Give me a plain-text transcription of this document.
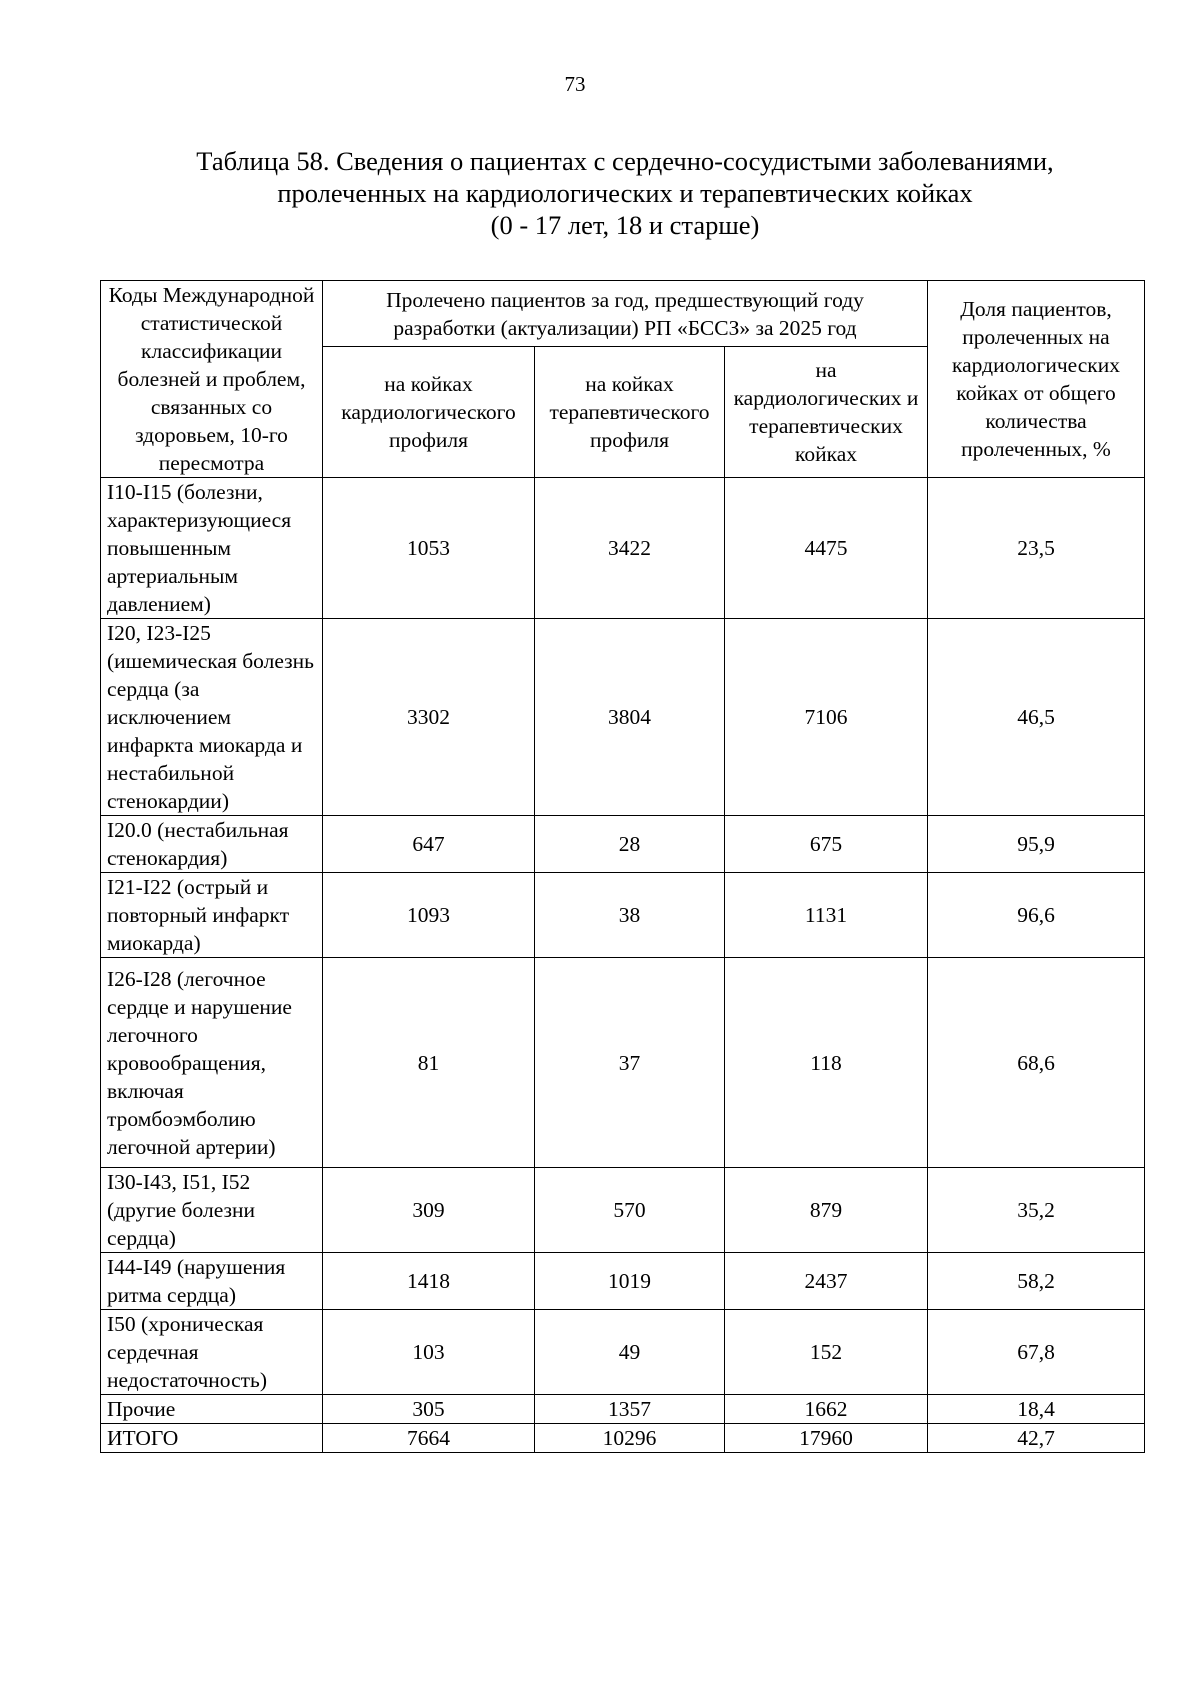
73
Таблица 58. Сведения о пациентах с сердечно-сосудистыми заболеваниями,
пролеченных на кардиологических и терапевтических койках
(0 - 17 лет, 18 и старше)
Коды Международной статистической классификации болезней и проблем, связанных со здоровьем, 10-го пересмотра	Пролечено пациентов за год, предшествующий году
разработки (актуализации) РП «БССЗ» за 2025 год			Доля пациентов, пролеченных на кардиологических койках от общего количества пролеченных, %
	на койках кардиологического профиля	на койках терапевтического профиля	на кардиологических и терапевтических койках	
I10-I15 (болезни, характеризующиеся повышенным артериальным давлением)	1053	3422	4475	23,5
I20, I23-I25 (ишемическая болезнь сердца (за исключением инфаркта миокарда и нестабильной стенокардии)	3302	3804	7106	46,5
I20.0 (нестабильная стенокардия)	647	28	675	95,9
I21-I22 (острый и повторный инфаркт миокарда)	1093	38	1131	96,6
I26-I28 (легочное сердце и нарушение легочного кровообращения, включая тромбоэмболию легочной артерии)	81	37	118	68,6
I30-I43, I51, I52 (другие болезни сердца)	309	570	879	35,2
I44-I49 (нарушения ритма сердца)	1418	1019	2437	58,2
I50 (хроническая сердечная недостаточность)	103	49	152	67,8
Прочие	305	1357	1662	18,4
ИТОГО	7664	10296	17960	42,7
